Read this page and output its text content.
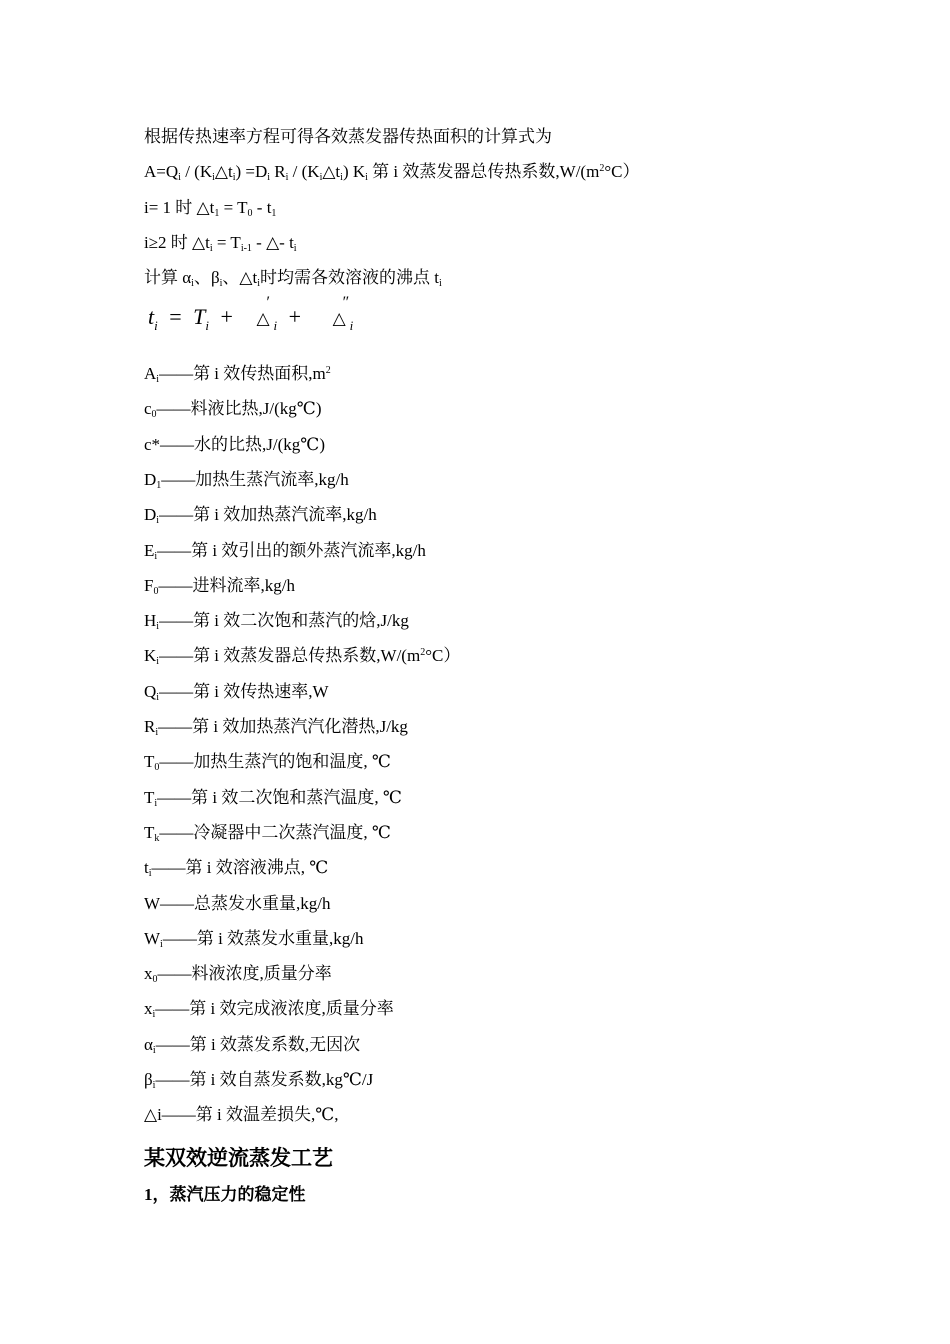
根据传热速率方程可得各效蒸发器传热面积的计算式为
$A=Q_i$ / $(K_i\triangle t_i) =D_i$ $R_i$ / $(K_i\triangle t_i)$ $K_i$ 第 i 效蒸发器总传热系数$,W/(m^2^\circ C)$
i= 1 时 $\triangle t_1 = T_0 - t_1$
i≥2 时 $\triangle t_i = T_{i-1}$ - △- $t_i$
计算 $\alpha_i$、$\beta_i$、$\triangle t_i$时均需各效溶液的沸点 $t_i$
$t_i = T_i$ + △
′
$_i$ + △
″
$_i$
$A_i——$第 i 效传热面积$,m^2$
$c_0——$料液比热,J/(kg℃)
c*——水的比热,J/(kg℃)
$D_1——$加热生蒸汽流率,kg/h
$D_i——$第 i 效加热蒸汽流率,kg/h
$E_i——$第 i 效引出的额外蒸汽流率,kg/h
$F_0——$进料流率,kg/h
$H_i——$第 i 效二次饱和蒸汽的焓,J/kg
$K_i——$第 i 效蒸发器总传热系数$,W/(m^2^\circ C)$
$Q_i——$第 i 效传热速率,W
$R_i——$第 i 效加热蒸汽汽化潜热,J/kg
$T_0——$加热生蒸汽的饱和温度, ℃
$T_i——$第 i 效二次饱和蒸汽温度, ℃
$T_k——$冷凝器中二次蒸汽温度, ℃
$t_i——$第 i 效溶液沸点, ℃
W——总蒸发水重量,kg/h
$W_i——$第 i 效蒸发水重量,kg/h
$x_0——$料液浓度,质量分率
$x_i——$第 i 效完成液浓度,质量分率
$\alpha_i——$第 i 效蒸发系数,无因次
$\beta_i——$第 i 效自蒸发系数,kg℃/J
△i——第 i 效温差损失,℃,
某双效逆流蒸发工艺
1，蒸汽压力的稳定性
